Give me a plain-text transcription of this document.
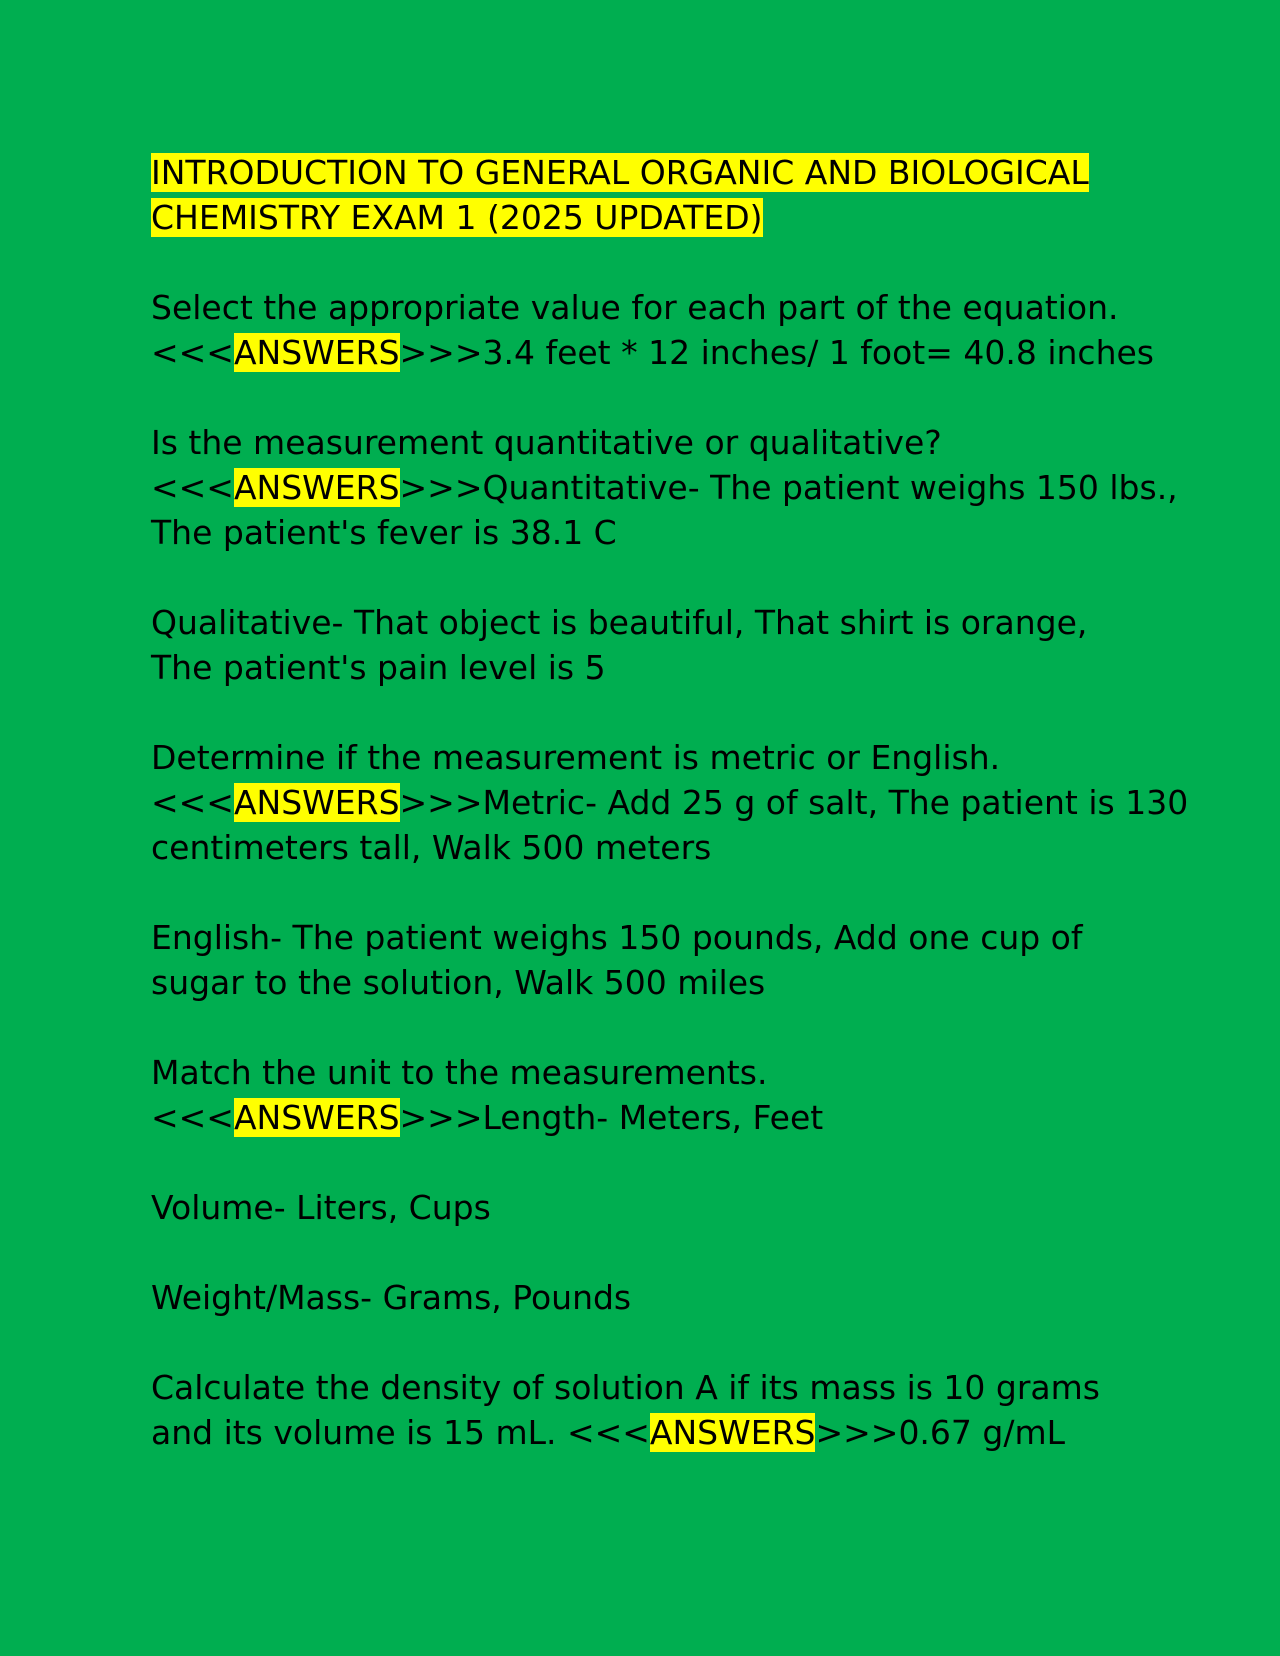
INTRODUCTION TO GENERAL ORGANIC AND BIOLOGICAL
CHEMISTRY EXAM 1 (2025 UPDATED)
Select the appropriate value for each part of the equation.
<<<ANSWERS>>>3.4 feet * 12 inches/ 1 foot= 40.8 inches
Is the measurement quantitative or qualitative?
<<<ANSWERS>>>Quantitative- The patient weighs 150 lbs.,
The patient's fever is 38.1 C
Qualitative- That object is beautiful, That shirt is orange,
The patient's pain level is 5
Determine if the measurement is metric or English.
<<<ANSWERS>>>Metric- Add 25 g of salt, The patient is 130
centimeters tall, Walk 500 meters
English- The patient weighs 150 pounds, Add one cup of
sugar to the solution, Walk 500 miles
Match the unit to the measurements.
<<<ANSWERS>>>Length- Meters, Feet
Volume- Liters, Cups
Weight/Mass- Grams, Pounds
Calculate the density of solution A if its mass is 10 grams
and its volume is 15 mL. <<<ANSWERS>>>0.67 g/mL
